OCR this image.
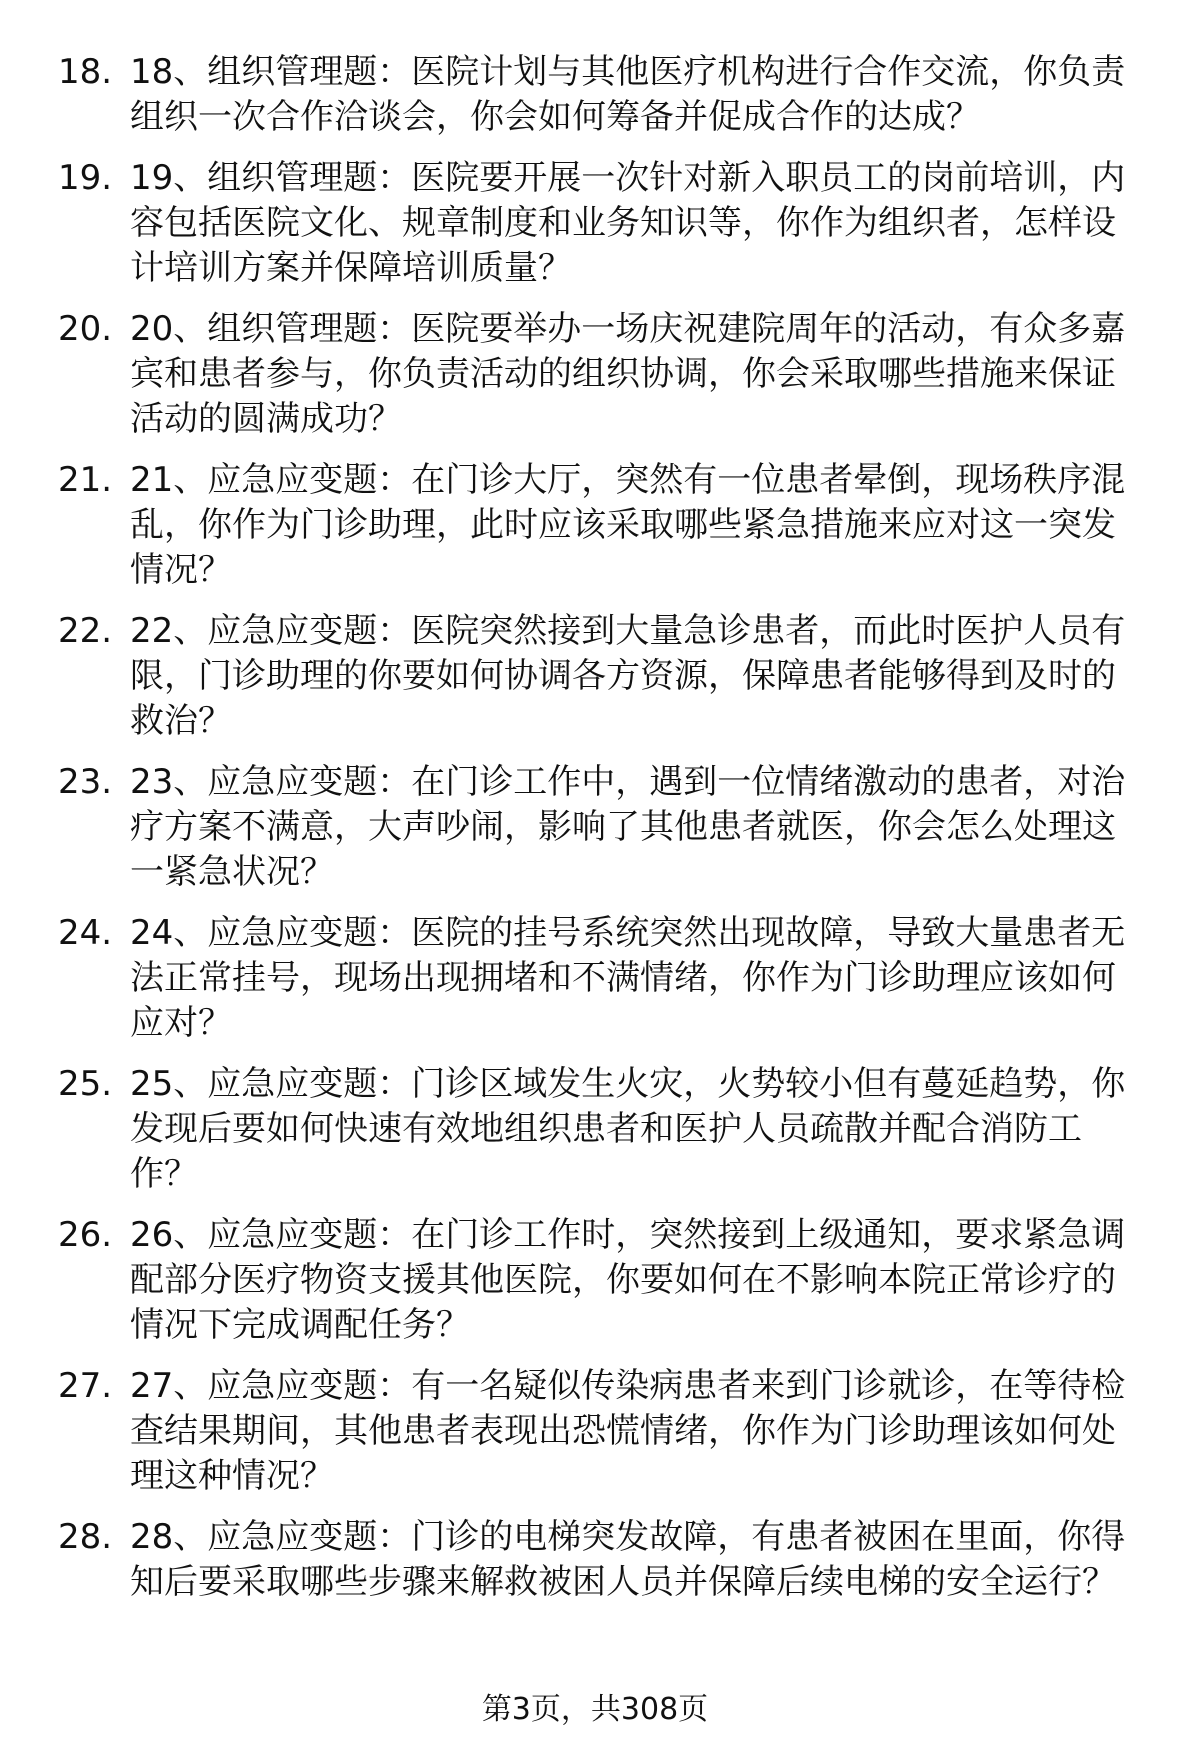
18. 18、组织管理题：医院计划与其他医疗机构进行合作交流，你负责组织一次合作洽谈会，你会如何筹备并促成合作的达成？
19. 19、组织管理题：医院要开展一次针对新入职员工的岗前培训，内容包括医院文化、规章制度和业务知识等，你作为组织者，怎样设计培训方案并保障培训质量？
20. 20、组织管理题：医院要举办一场庆祝建院周年的活动，有众多嘉宾和患者参与，你负责活动的组织协调，你会采取哪些措施来保证活动的圆满成功？
21. 21、应急应变题：在门诊大厅，突然有一位患者晕倒，现场秩序混乱，你作为门诊助理，此时应该采取哪些紧急措施来应对这一突发情况？
22. 22、应急应变题：医院突然接到大量急诊患者，而此时医护人员有限，门诊助理的你要如何协调各方资源，保障患者能够得到及时的救治？
23. 23、应急应变题：在门诊工作中，遇到一位情绪激动的患者，对治疗方案不满意，大声吵闹，影响了其他患者就医，你会怎么处理这一紧急状况？
24. 24、应急应变题：医院的挂号系统突然出现故障，导致大量患者无法正常挂号，现场出现拥堵和不满情绪，你作为门诊助理应该如何应对？
25. 25、应急应变题：门诊区域发生火灾，火势较小但有蔓延趋势，你发现后要如何快速有效地组织患者和医护人员疏散并配合消防工作？
26. 26、应急应变题：在门诊工作时，突然接到上级通知，要求紧急调配部分医疗物资支援其他医院，你要如何在不影响本院正常诊疗的情况下完成调配任务？
27. 27、应急应变题：有一名疑似传染病患者来到门诊就诊，在等待检查结果期间，其他患者表现出恐慌情绪，你作为门诊助理该如何处理这种情况？
28. 28、应急应变题：门诊的电梯突发故障，有患者被困在里面，你得知后要采取哪些步骤来解救被困人员并保障后续电梯的安全运行？
第3页，共308页
